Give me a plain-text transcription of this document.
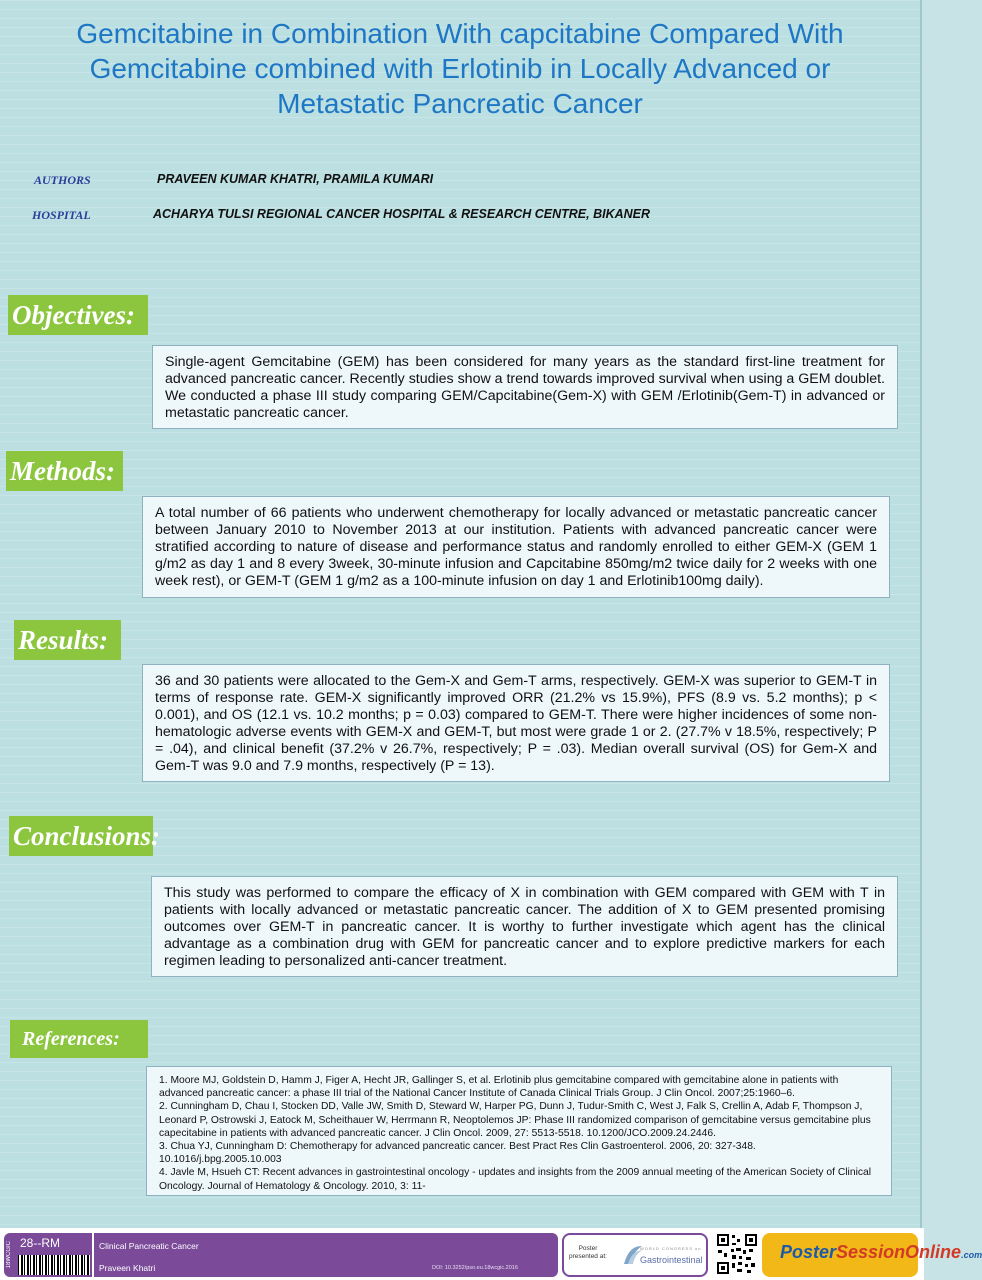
Gemcitabine in Combination With capcitabine Compared With Gemcitabine combined with Erlotinib in Locally Advanced or Metastatic Pancreatic Cancer
AUTHORS	PRAVEEN KUMAR KHATRI, PRAMILA KUMARI
HOSPITAL	ACHARYA TULSI REGIONAL CANCER HOSPITAL & RESEARCH CENTRE, BIKANER
Objectives:
Single-agent Gemcitabine (GEM) has been considered for many years as the standard first-line treatment for advanced pancreatic cancer. Recently studies show a trend towards improved survival when using a GEM doublet. We conducted a phase III study comparing GEM/Capcitabine(Gem-X) with GEM /Erlotinib(Gem-T) in advanced or metastatic pancreatic cancer.
Methods:
A total number of 66 patients who underwent chemotherapy for locally advanced or metastatic pancreatic cancer between January 2010 to November 2013 at our institution. Patients with advanced pancreatic cancer were stratified according to nature of disease and performance status and randomly enrolled to either GEM-X (GEM 1 g/m2 as day 1 and 8 every 3week, 30-minute infusion and Capcitabine 850mg/m2 twice daily for 2 weeks with one week rest), or GEM-T (GEM 1 g/m2 as a 100-minute infusion on day 1 and Erlotinib100mg daily).
Results:
36 and 30 patients were allocated to the Gem-X and Gem-T arms, respectively. GEM-X was superior to GEM-T in terms of response rate. GEM-X significantly improved ORR (21.2% vs 15.9%), PFS (8.9 vs. 5.2 months); p < 0.001), and OS (12.1 vs. 10.2 months; p = 0.03) compared to GEM-T. There were higher incidences of some non-hematologic adverse events with GEM-X and GEM-T, but most were grade 1 or 2. (27.7% v 18.5%, respectively; P = .04), and clinical benefit (37.2% v 26.7%, respectively; P = .03). Median overall survival (OS) for Gem-X and Gem-T was 9.0 and 7.9 months, respectively (P = 13).
Conclusions:
This study was performed to compare the efficacy of X in combination with GEM compared with GEM with T in patients with locally advanced or metastatic pancreatic cancer. The addition of X to GEM presented promising outcomes over GEM-T in pancreatic cancer. It is worthy to further investigate which agent has the clinical advantage as a combination drug with GEM for pancreatic cancer and to explore predictive markers for each regimen leading to personalized anti-cancer treatment.
References:

1. Moore MJ, Goldstein D, Hamm J, Figer A, Hecht JR, Gallinger S, et al. Erlotinib plus gemcitabine compared with gemcitabine alone in patients with advanced pancreatic cancer: a phase III trial of the National Cancer Institute of Canada Clinical Trials Group. J Clin Oncol. 2007;25:1960–6.

2. Cunningham D, Chau I, Stocken DD, Valle JW, Smith D, Steward W, Harper PG, Dunn J, Tudur-Smith C, West J, Falk S, Crellin A, Adab F, Thompson J, Leonard P, Ostrowski J, Eatock M, Scheithauer W, Herrmann R, Neoptolemos JP: Phase III randomized comparison of gemcitabine versus gemcitabine plus capecitabine in patients with advanced pancreatic cancer. J Clin Oncol. 2009, 27: 5513-5518. 10.1200/JCO.2009.24.2446.

3. Chua YJ, Cunningham D: Chemotherapy for advanced pancreatic cancer. Best Pract Res Clin Gastroenterol. 2006, 20: 327-348. 10.1016/j.bpg.2005.10.003

4. Javle M, Hsueh CT: Recent advances in gastrointestinal oncology - updates and insights from the 2009 annual meeting of the American Society of Clinical Oncology. Journal of Hematology & Oncology. 2010, 3: 11-

18WCGIC 28--RM	Clinical Pancreatic Cancer
Praveen Khatri	DOI: 10.3252/pso.eu.18wcgic.2016
Poster presented at:
WORLD CONGRESS on
Gastrointestinal	PosterSessionOnline.com
